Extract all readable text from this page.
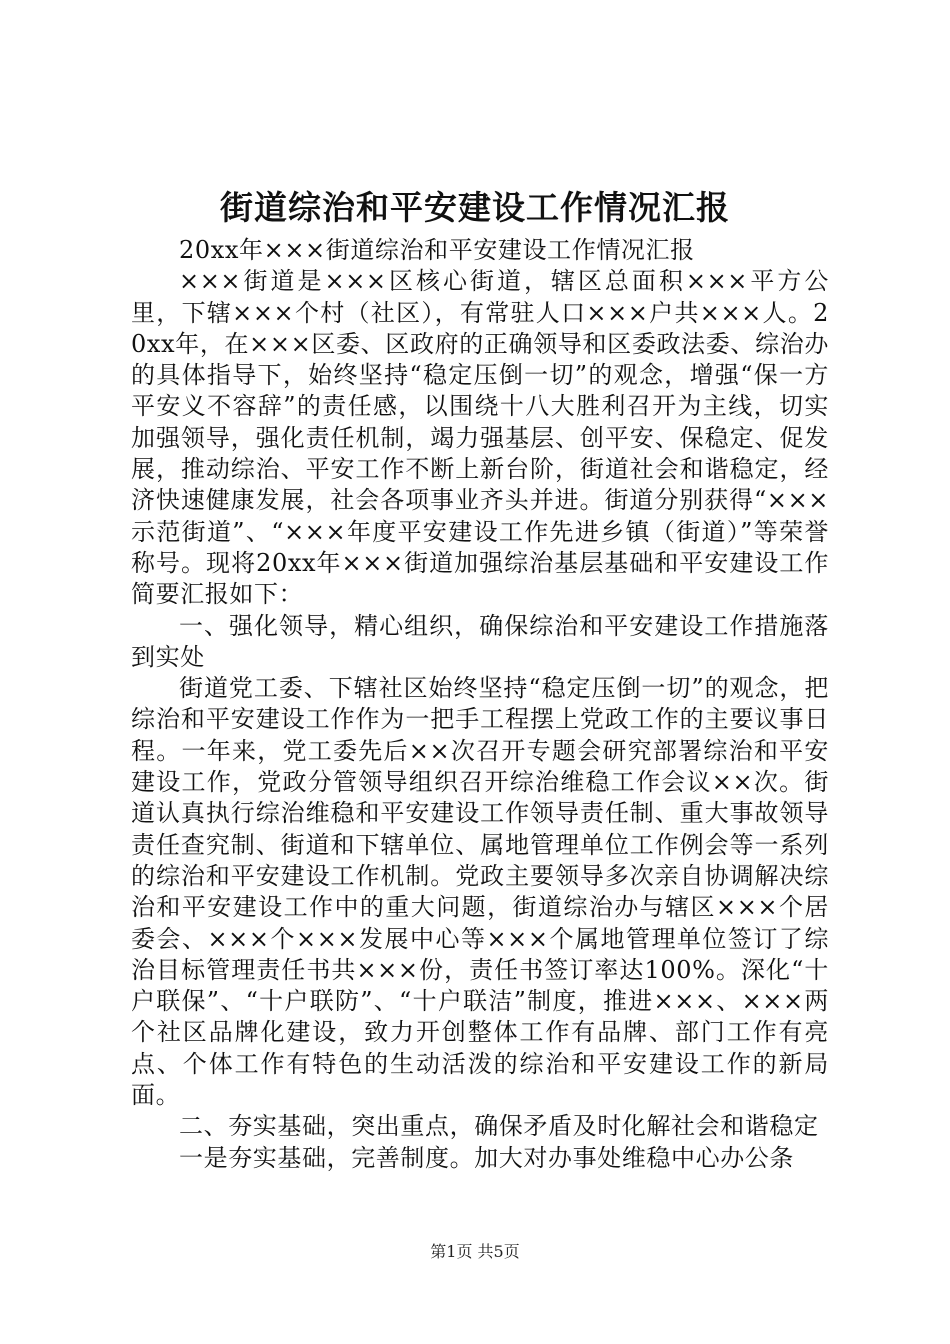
街道综治和平安建设工作情况汇报

20xx年×××街道综治和平安建设工作情况汇报

×××街道是×××区核心街道，辖区总面积×××平方公里，下辖×××个村（社区），有常驻人口×××户共×××人。20xx年，在×××区委、区政府的正确领导和区委政法委、综治办的具体指导下，始终坚持“稳定压倒一切”的观念，增强“保一方平安义不容辞”的责任感，以围绕十八大胜利召开为主线，切实加强领导，强化责任机制，竭力强基层、创平安、保稳定、促发展，推动综治、平安工作不断上新台阶，街道社会和谐稳定，经济快速健康发展，社会各项事业齐头并进。街道分别获得“×××示范街道”、“×××年度平安建设工作先进乡镇（街道）”等荣誉称号。现将20xx年×××街道加强综治基层基础和平安建设工作简要汇报如下：

一、强化领导，精心组织，确保综治和平安建设工作措施落到实处

街道党工委、下辖社区始终坚持“稳定压倒一切”的观念，把综治和平安建设工作作为一把手工程摆上党政工作的主要议事日程。一年来，党工委先后××次召开专题会研究部署综治和平安建设工作，党政分管领导组织召开综治维稳工作会议××次。街道认真执行综治维稳和平安建设工作领导责任制、重大事故领导责任查究制、街道和下辖单位、属地管理单位工作例会等一系列的综治和平安建设工作机制。党政主要领导多次亲自协调解决综治和平安建设工作中的重大问题，街道综治办与辖区×××个居委会、×××个×××发展中心等×××个属地管理单位签订了综治目标管理责任书共×××份，责任书签订率达100%。深化“十户联保”、“十户联防”、“十户联洁”制度，推进×××、×××两个社区品牌化建设，致力开创整体工作有品牌、部门工作有亮点、个体工作有特色的生动活泼的综治和平安建设工作的新局面。

二、夯实基础，突出重点，确保矛盾及时化解社会和谐稳定

一是夯实基础，完善制度。加大对办事处维稳中心办公条

第1页 共5页
